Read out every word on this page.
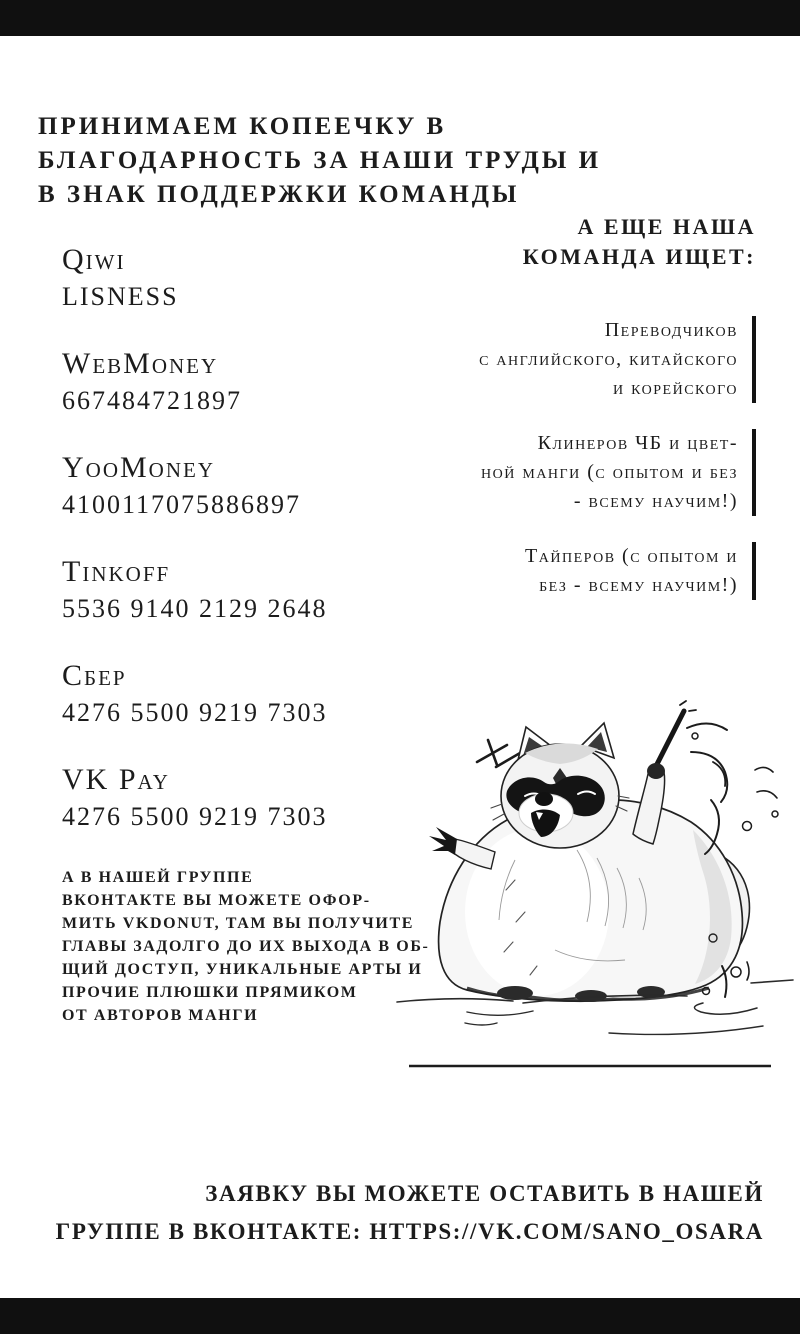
ПРИНИМАЕМ КОПЕЕЧКУ В
БЛАГОДАРНОСТЬ ЗА НАШИ ТРУДЫ И
В ЗНАК ПОДДЕРЖКИ КОМАНДЫ
А ЕЩЕ НАША
КОМАНДА ИЩЕТ:
Qiwi
LISNESS
WebMoney
667484721897
YooMoney
4100117075886897
Tinkoff
5536 9140 2129 2648
Сбер
4276 5500 9219 7303
VK Pay
4276 5500 9219 7303
Переводчиков
с английского, китайского
и корейского
Клинеров ЧБ и цвет-
ной манги (с опытом и без
- всему научим!)
Тайперов (с опытом и
без - всему научим!)
А В НАШЕЙ ГРУППЕ
ВКОНТАКТЕ ВЫ МОЖЕТЕ ОФОР-
МИТЬ VKDONUT, ТАМ ВЫ ПОЛУЧИТЕ
ГЛАВЫ ЗАДОЛГО ДО ИХ ВЫХОДА В ОБ-
ЩИЙ ДОСТУП, УНИКАЛЬНЫЕ АРТЫ И
ПРОЧИЕ ПЛЮШКИ ПРЯМИКОМ
ОТ АВТОРОВ МАНГИ
ЗАЯВКУ ВЫ МОЖЕТЕ ОСТАВИТЬ В НАШЕЙ
ГРУППЕ В ВКОНТАКТЕ: HTTPS://VK.COM/SANO_OSARA
